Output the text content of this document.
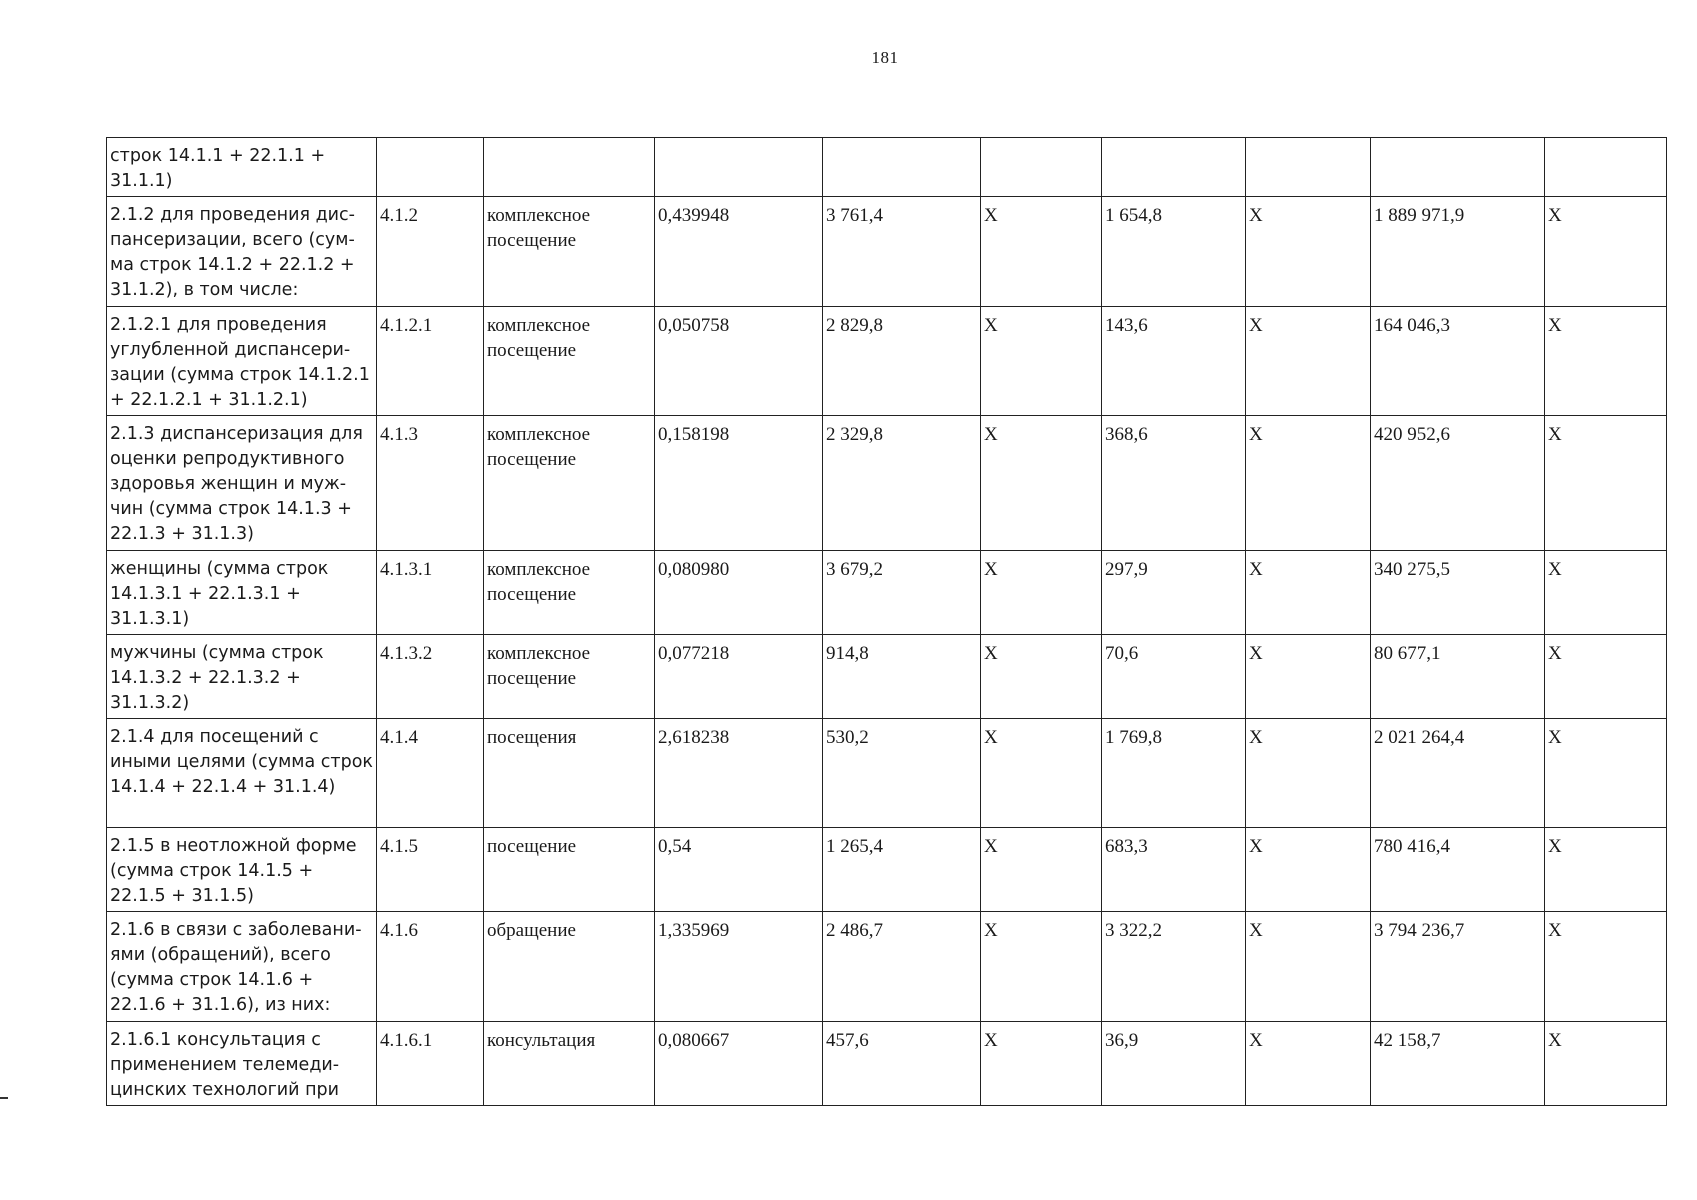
181
строк 14.1.1 + 22.1.1 + 31.1.1)									
2.1.2 для проведения дис-пансеризации, всего (сум-ма строк 14.1.2 + 22.1.2 + 31.1.2), в том числе:	4.1.2	комплексное посещение	0,439948	3 761,4	X	1 654,8	X	1 889 971,9	X
2.1.2.1 для проведения углубленной диспансери-зации (сумма строк 14.1.2.1 + 22.1.2.1 + 31.1.2.1)	4.1.2.1	комплексное посещение	0,050758	2 829,8	X	143,6	X	164 046,3	X
2.1.3 диспансеризация для оценки репродуктивного здоровья женщин и муж-чин (сумма строк 14.1.3 + 22.1.3 + 31.1.3)	4.1.3	комплексное посещение	0,158198	2 329,8	X	368,6	X	420 952,6	X
женщины (сумма строк 14.1.3.1 + 22.1.3.1 + 31.1.3.1)	4.1.3.1	комплексное посещение	0,080980	3 679,2	X	297,9	X	340 275,5	X
мужчины (сумма строк 14.1.3.2 + 22.1.3.2 + 31.1.3.2)	4.1.3.2	комплексное посещение	0,077218	914,8	X	70,6	X	80 677,1	X
2.1.4 для посещений с иными целями (сумма строк 14.1.4 + 22.1.4 + 31.1.4)	4.1.4	посещения	2,618238	530,2	X	1 769,8	X	2 021 264,4	X
2.1.5 в неотложной форме (сумма строк 14.1.5 + 22.1.5 + 31.1.5)	4.1.5	посещение	0,54	1 265,4	X	683,3	X	780 416,4	X
2.1.6 в связи с заболевани-ями (обращений), всего (сумма строк 14.1.6 + 22.1.6 + 31.1.6), из них:	4.1.6	обращение	1,335969	2 486,7	X	3 322,2	X	3 794 236,7	X
2.1.6.1 консультация с применением телемеди-цинских технологий при	4.1.6.1	консультация	0,080667	457,6	X	36,9	X	42 158,7	X
